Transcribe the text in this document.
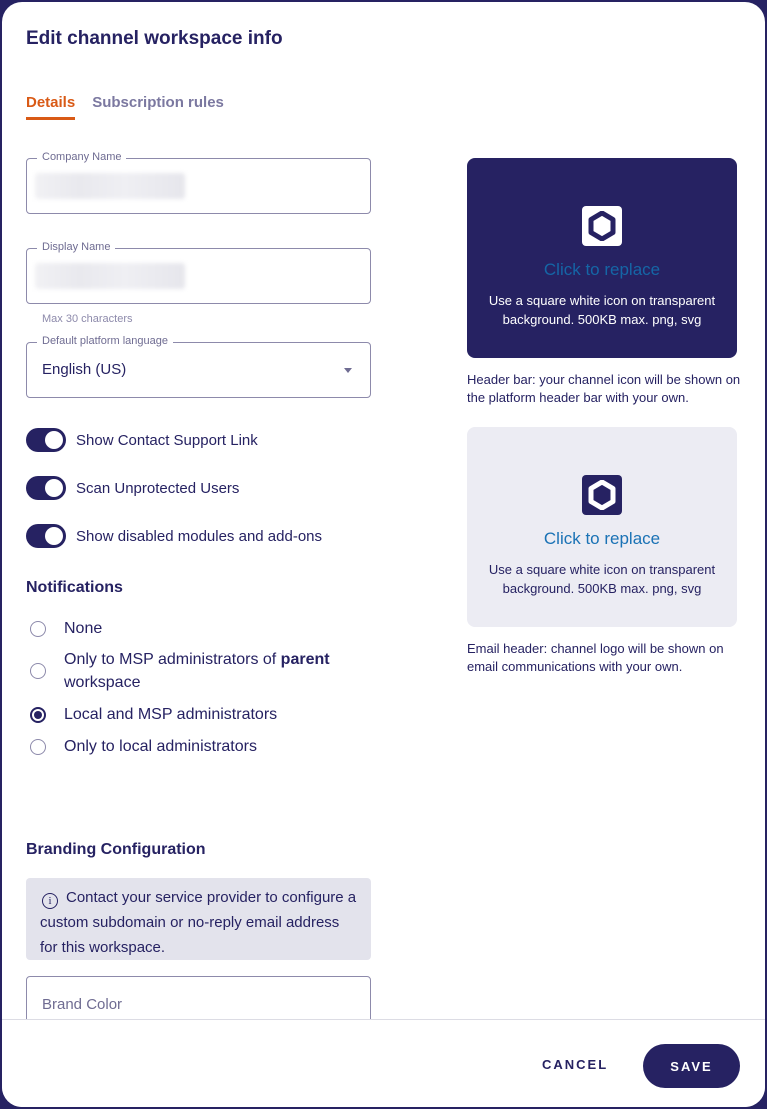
Edit channel workspace info
Details Subscription rules
Company Name
Display Name
Max 30 characters
Default platform language
English (US)
Show Contact Support Link
Scan Unprotected Users
Show disabled modules and add-ons
Notifications
None
Only to MSP administrators of parent
workspace
Local and MSP administrators
Only to local administrators
Branding Configuration
i Contact your service provider to configure a custom subdomain or no-reply email address for this workspace.
Brand Color
Click to replace
Use a square white icon on transparent background. 500KB max. png, svg
Header bar: your channel icon will be shown on the platform header bar with your own.
Click to replace
Use a square white icon on transparent background. 500KB max. png, svg
Email header: channel logo will be shown on email communications with your own.
CANCEL	SAVE
